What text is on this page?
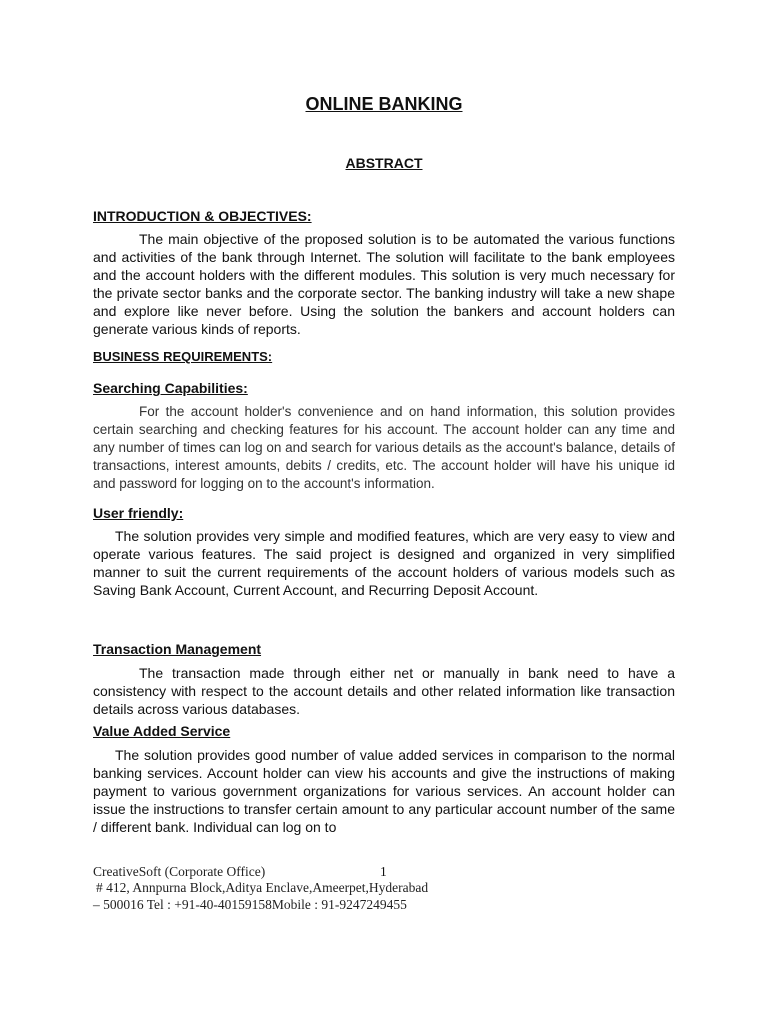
ONLINE BANKING
ABSTRACT
INTRODUCTION & OBJECTIVES:

The main objective of the proposed solution is to be automated the various functions and activities of the bank through Internet. The solution will facilitate to the bank employees and the account holders with the different modules. This solution is very much necessary for the private sector banks and the corporate sector. The banking industry will take a new shape and explore like never before. Using the solution the bankers and account holders can generate various kinds of reports.

BUSINESS REQUIREMENTS:
Searching Capabilities:

For the account holder's convenience and on hand information, this solution provides certain searching and checking features for his account. The account holder can any time and any number of times can log on and search for various details as the account's balance, details of transactions, interest amounts, debits / credits, etc. The account holder will have his unique id and password for logging on to the account's information.

User friendly:

The solution provides very simple and modified features, which are very easy to view and operate various features. The said project is designed and organized in very simplified manner to suit the current requirements of the account holders of various models such as Saving Bank Account, Current Account, and Recurring Deposit Account.

Transaction Management

The transaction made through either net or manually in bank need to have a consistency with respect to the account details and other related information like transaction details across various databases.

Value Added Service

The solution provides good number of value added services in comparison to the normal banking services. Account holder can view his accounts and give the instructions of making payment to various government organizations for various services. An account holder can issue the instructions to transfer certain amount to any particular account number of the same / different bank. Individual can log on to

CreativeSoft (Corporate Office)	1
# 412, Annpurna Block,Aditya Enclave,Ameerpet,Hyderabad
– 500016 Tel : +91-40-40159158Mobile : 91-9247249455
